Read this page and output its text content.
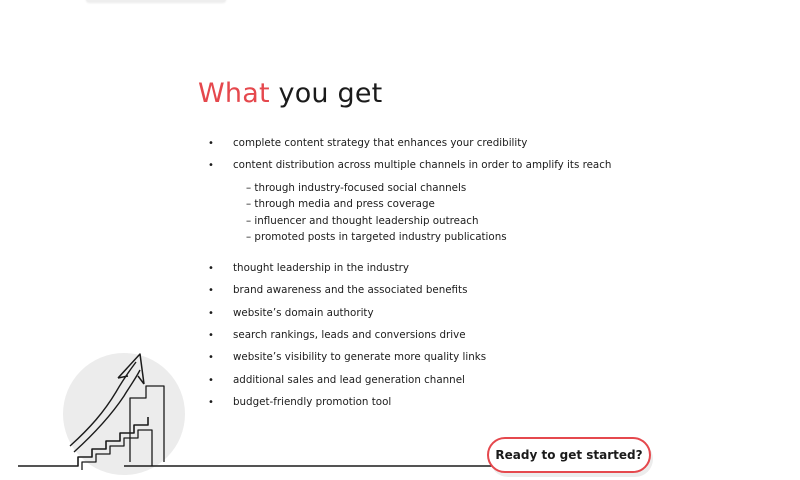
What you get
• complete content strategy that enhances your credibility
• content distribution across multiple channels in order to amplify its reach
– through industry-focused social channels
– through media and press coverage
– influencer and thought leadership outreach
– promoted posts in targeted industry publications
• thought leadership in the industry
• brand awareness and the associated benefits
• website’s domain authority
• search rankings, leads and conversions drive
• website’s visibility to generate more quality links
• additional sales and lead generation channel
• budget-friendly promotion tool
Ready to get started?
